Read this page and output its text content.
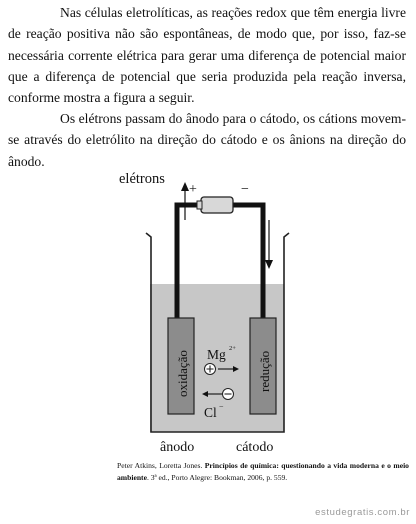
Nas células eletrolíticas, as reações redox que têm energia livre de reação positiva não são espontâneas, de modo que, por isso, faz-se necessária corrente elétrica para gerar uma diferença de potencial maior que a diferença de potencial que seria produzida pela reação inversa, conforme mostra a figura a seguir.

Os elétrons passam do ânodo para o cátodo, os cátions movem-se através do eletrólito na direção do cátodo e os ânions na direção do ânodo.

+	−
elétrons
oxidação	redução
Mg 2+
Cl −
ânodo	cátodo

Peter Atkins, Loretta Jones. Princípios de química: questionando a vida moderna e o meio ambiente. 3ª ed., Porto Alegre: Bookman, 2006, p. 559.

estudegratis.com.br
